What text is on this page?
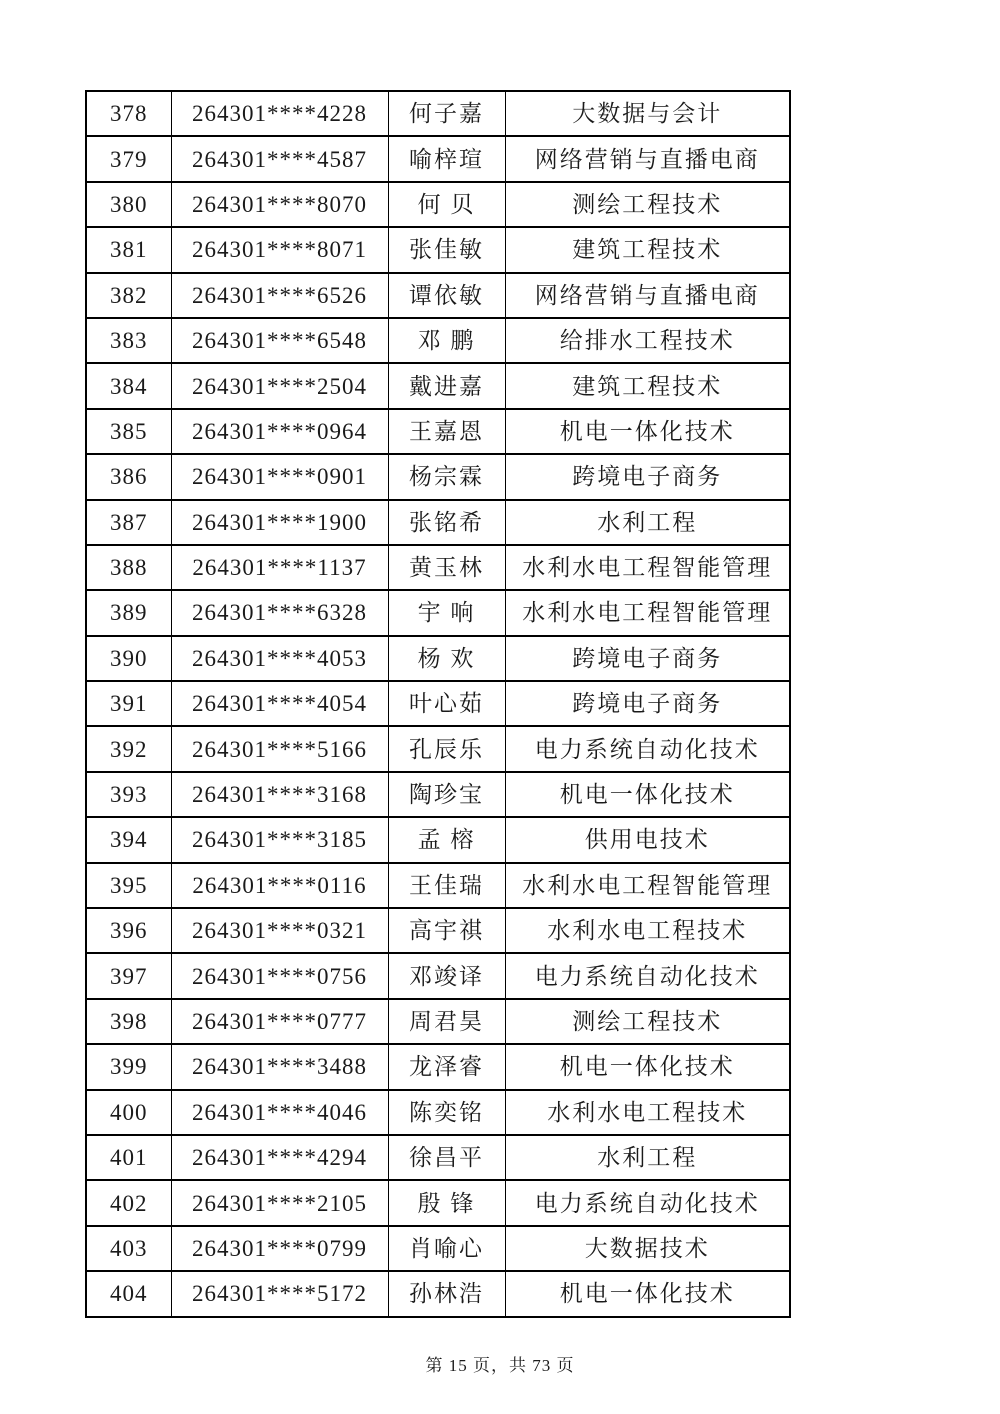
378	264301****4228	何子嘉	大数据与会计
379	264301****4587	喻梓瑄	网络营销与直播电商
380	264301****8070	何 贝	测绘工程技术
381	264301****8071	张佳敏	建筑工程技术
382	264301****6526	谭依敏	网络营销与直播电商
383	264301****6548	邓 鹏	给排水工程技术
384	264301****2504	戴进嘉	建筑工程技术
385	264301****0964	王嘉恩	机电一体化技术
386	264301****0901	杨宗霖	跨境电子商务
387	264301****1900	张铭希	水利工程
388	264301****1137	黄玉林	水利水电工程智能管理
389	264301****6328	宇 响	水利水电工程智能管理
390	264301****4053	杨 欢	跨境电子商务
391	264301****4054	叶心茹	跨境电子商务
392	264301****5166	孔辰乐	电力系统自动化技术
393	264301****3168	陶珍宝	机电一体化技术
394	264301****3185	孟 榕	供用电技术
395	264301****0116	王佳瑞	水利水电工程智能管理
396	264301****0321	高宇祺	水利水电工程技术
397	264301****0756	邓竣译	电力系统自动化技术
398	264301****0777	周君昊	测绘工程技术
399	264301****3488	龙泽睿	机电一体化技术
400	264301****4046	陈奕铭	水利水电工程技术
401	264301****4294	徐昌平	水利工程
402	264301****2105	殷 锋	电力系统自动化技术
403	264301****0799	肖喻心	大数据技术
404	264301****5172	孙林浩	机电一体化技术
第 15 页，共 73 页
